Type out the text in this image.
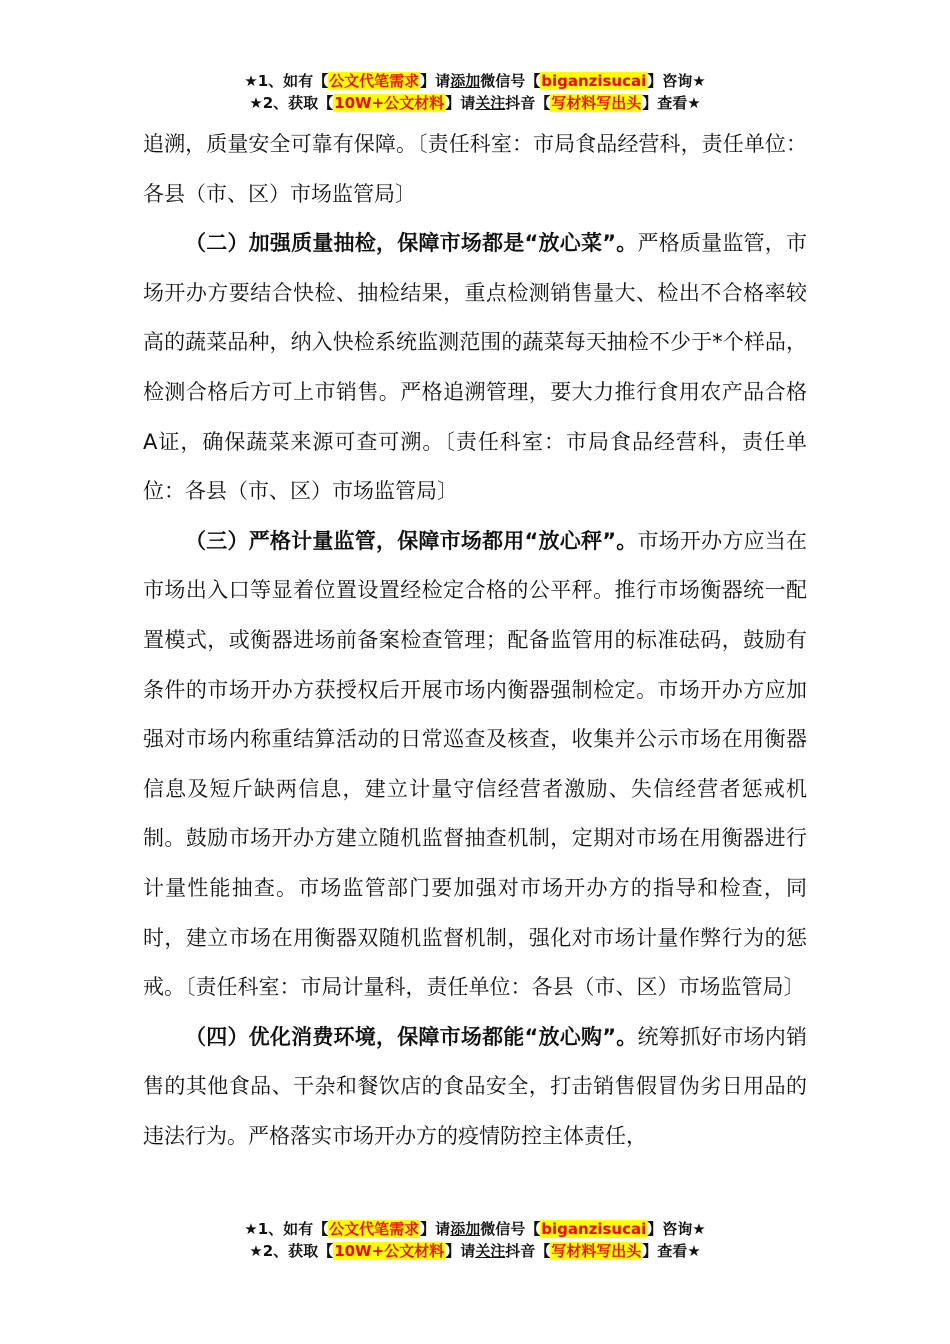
★1、如有【公文代笔需求】请添加微信号【biganzisucai】咨询★
★2、获取【10W+公文材料】请关注抖音【写材料写出头】查看★

追溯，质量安全可靠有保障。〔责任科室：市局食品经营科，责任单位：各县（市、区）市场监管局〕

（二）加强质量抽检，保障市场都是“放心菜”。严格质量监管，市场开办方要结合快检、抽检结果，重点检测销售量大、检出不合格率较高的蔬菜品种，纳入快检系统监测范围的蔬菜每天抽检不少于*个样品，检测合格后方可上市销售。严格追溯管理，要大力推行食用农产品合格A证，确保蔬菜来源可查可溯。〔责任科室：市局食品经营科，责任单位：各县（市、区）市场监管局〕

（三）严格计量监管，保障市场都用“放心秤”。市场开办方应当在市场出入口等显着位置设置经检定合格的公平秤。推行市场衡器统一配置模式，或衡器进场前备案检查管理；配备监管用的标准砝码，鼓励有条件的市场开办方获授权后开展市场内衡器强制检定。市场开办方应加强对市场内称重结算活动的日常巡查及核查，收集并公示市场在用衡器信息及短斤缺两信息，建立计量守信经营者激励、失信经营者惩戒机制。鼓励市场开办方建立随机监督抽查机制，定期对市场在用衡器进行计量性能抽查。市场监管部门要加强对市场开办方的指导和检查，同时，建立市场在用衡器双随机监督机制，强化对市场计量作弊行为的惩戒。〔责任科室：市局计量科，责任单位：各县（市、区）市场监管局〕

（四）优化消费环境，保障市场都能“放心购”。统筹抓好市场内销售的其他食品、干杂和餐饮店的食品安全，打击销售假冒伪劣日用品的违法行为。严格落实市场开办方的疫情防控主体责任，

★1、如有【公文代笔需求】请添加微信号【biganzisucai】咨询★
★2、获取【10W+公文材料】请关注抖音【写材料写出头】查看★
